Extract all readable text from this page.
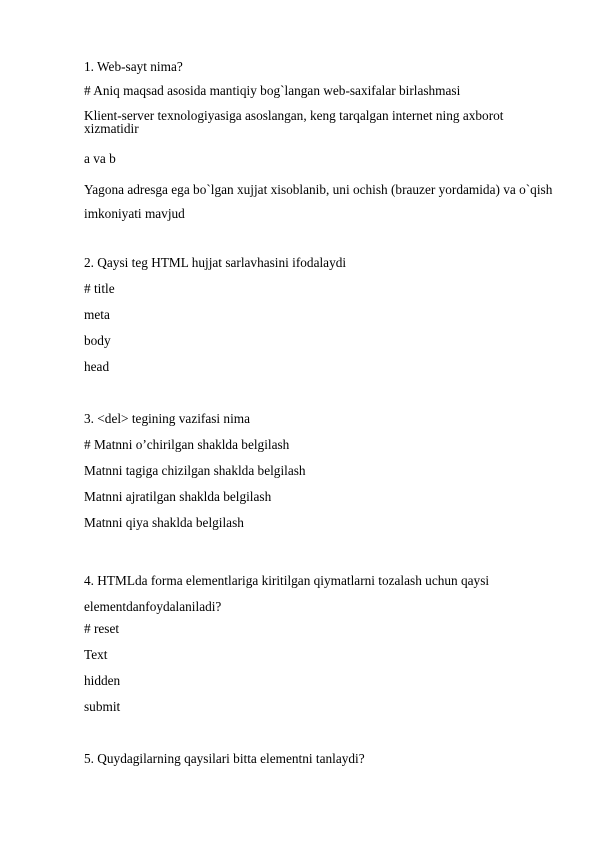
1. Web-sayt nima?
# Aniq maqsad asosida mantiqiy bog`langan web-saxifalar birlashmasi
Klient-server texnologiyasiga asoslangan, keng tarqalgan internet ning axborot xizmatidir
a va b
Yagona adresga ega bo`lgan xujjat xisoblanib, uni ochish (brauzer yordamida) va o`qish imkoniyati mavjud
2. Qaysi teg HTML hujjat sarlavhasini ifodalaydi
# title
meta
body
head
3. <del> tegining vazifasi nima
# Matnni o’chirilgan shaklda belgilash
Matnni tagiga chizilgan shaklda belgilash
Matnni ajratilgan shaklda belgilash
Matnni qiya shaklda belgilash
4. HTMLda forma elementlariga kiritilgan qiymatlarni tozalash uchun qaysi elementdanfoydalaniladi?
# reset
Text
hidden
submit
5. Quydagilarning qaysilari bitta elementni tanlaydi?
